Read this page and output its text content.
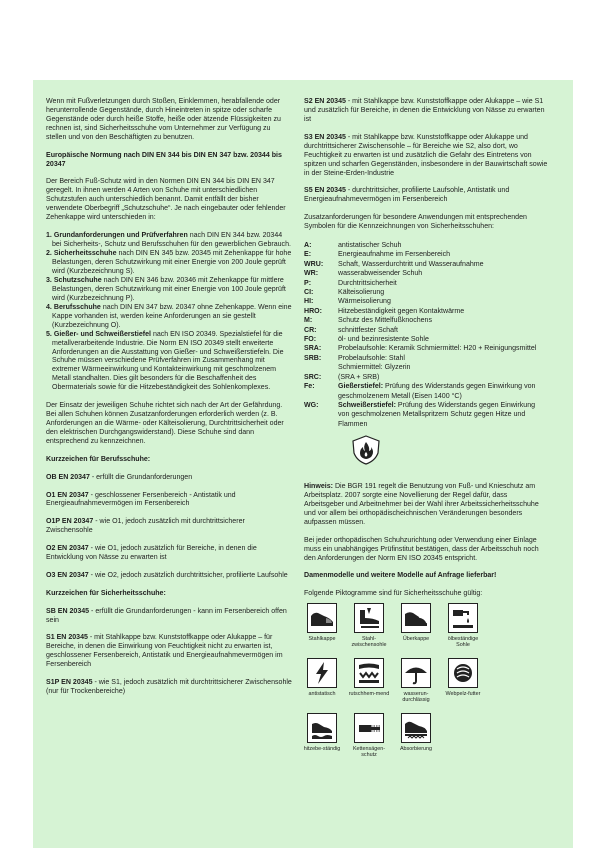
Wenn mit Fußverletzungen durch Stoßen, Einklemmen, herabfallende oder herunterrollende Gegenstände, durch Hineintreten in spitze oder scharfe Gegenstände oder durch heiße Stoffe, heiße oder ätzende Flüssigkeiten zu rechnen ist, sind Sicherheitsschuhe vom Unternehmer zur Verfügung zu stellen und von den Beschäftigten zu benutzen.

Europäische Normung nach DIN EN 344 bis DIN EN 347 bzw. 20344 bis 20347

Der Bereich Fuß-Schutz wird in den Normen DIN EN 344 bis DIN EN 347 geregelt. In ihnen werden 4 Arten von Schuhe mit unterschiedlichen Schutzstufen auch unterschiedlich benannt. Damit entfällt der bisher verwendete Oberbegriff „Schutzschuhe“. Je nach eingebauter oder fehlender Zehenkappe wird unterschieden in:

1. Grundanforderungen und Prüfverfahren nach DIN EN 344 bzw. 20344 bei Sicherheits-, Schutz und Berufsschuhen für den gewerblichen Gebrauch.
2. Sicherheitsschuhe nach DIN EN 345 bzw. 20345 mit Zehenkappe für hohe Belastungen, deren Schutzwirkung mit einer Energie von 200 Joule geprüft wird (Kurzbezeichnung S).
3. Schutzschuhe nach DIN EN 346 bzw. 20346 mit Zehenkappe für mittlere Belastungen, deren Schutzwirkung mit einer Energie von 100 Joule geprüft wird (Kurzbezeichnung P).
4. Berufsschuhe nach DIN EN 347 bzw. 20347 ohne Zehenkappe. Wenn eine Kappe vorhanden ist, werden keine Anforderungen an sie gestellt (Kurzbezeichnung O).
5. Gießer- und Schweißerstiefel nach EN ISO 20349. Spezialstiefel für die metallverarbeitende Industrie. Die Norm EN ISO 20349 stellt erweiterte Anforderungen an die Ausstattung von Gießer- und Schweißerstiefeln. Die Schuhe müssen verschiedene Prüfverfahren im Zusammenhang mit extremer Wärmeeinwirkung und Kontakteinwirkung mit geschmolzenem Metall standhalten. Dies gilt besonders für die Beschaffenheit des Obermaterials sowie für die Hitzebeständigkeit des Sohlenkomplexes.

Der Einsatz der jeweiligen Schuhe richtet sich nach der Art der Gefährdung. Bei allen Schuhen können Zusatzanforderungen erforderlich werden (z. B. Anforderungen an die Wärme- oder Kälteisolierung, Durchtrittsicherheit oder den elektrischen Durchgangswiderstand). Diese Schuhe sind dann entsprechend zu kennzeichnen.

Kurzzeichen für Berufsschuhe:

OB EN 20347 - erfüllt die Grundanforderungen

O1 EN 20347 - geschlossener Fersenbereich - Antistatik und Energieaufnahmevermögen im Fersenbereich

O1P EN 20347 - wie O1, jedoch zusätzlich mit durchtrittsicherer Zwischensohle

O2 EN 20347 - wie O1, jedoch zusätzlich für Bereiche, in denen die Entwicklung von Nässe zu erwarten ist

O3 EN 20347 - wie O2, jedoch zusätzlich durchtrittsicher, profilierte Laufsohle

Kurzzeichen für Sicherheitsschuhe:

SB EN 20345 - erfüllt die Grundanforderungen - kann im Fersenbereich offen sein

S1 EN 20345 - mit Stahlkappe bzw. Kunststoffkappe oder Alukappe – für Bereiche, in denen die Einwirkung von Feuchtigkeit nicht zu erwarten ist, geschlossener Fersenbereich, Antistatik und Energieaufnahmevermögen im Fersenbereich

S1P EN 20345 - wie S1, jedoch zusätzlich mit durchtrittsicherer Zwischensohle (nur für Trockenbereiche)

S2 EN 20345 - mit Stahlkappe bzw. Kunststoffkappe oder Alukappe – wie S1 und zusätzlich für Bereiche, in denen die Entwicklung von Nässe zu erwarten ist

S3 EN 20345 - mit Stahlkappe bzw. Kunststoffkappe oder Alukappe und durchtrittsicherer Zwischensohle – für Bereiche wie S2, also dort, wo Feuchtigkeit zu erwarten ist und zusätzlich die Gefahr des Eintretens von spitzen und scharfen Gegenständen, insbesondere in der Bauwirtschaft sowie in der Steine-Erden-Industrie

S5 EN 20345 - durchtrittsicher, profilierte Laufsohle, Antistatik und Energieaufnahmevermögen im Fersenbereich

Zusatzanforderungen für besondere Anwendungen mit entsprechenden Symbolen für die Kennzeichnungen von Sicherheitsschuhen:

A:	antistatischer Schuh
E:	Energieaufnahme im Fersenbereich
WRU:	Schaft, Wasserdurchtritt und Wasseraufnahme
WR:	wasserabweisender Schuh
P:	Durchtrittsicherheit
CI:	Kälteisolierung
HI:	Wärmeisolierung
HRO:	Hitzebeständigkeit gegen Kontaktwärme
M:	Schutz des Mittelfußknochens
CR:	schnittfester Schaft
FO:	öl- und bezinresistente Sohle
SRA:	Probelaufsohle: Keramik Schmiermittel: H20 + Reinigungsmittel
SRB:	Probelaufsohle: Stahl
Schmiermittel: Glyzerin
SRC:	(SRA + SRB)
Fe:	Gießerstiefel: Prüfung des Widerstands gegen Einwirkung von geschmolzenem Metall (Eisen 1400 °C)
WG:	Schweißerstiefel: Prüfung des Widerstands gegen Einwirkung von geschmolzenen Metallspritzern Schutz gegen Hitze und Flammen

Hinweis: Die BGR 191 regelt die Benutzung von Fuß- und Knieschutz am Arbeitsplatz. 2007 sorgte eine Novellierung der Regel dafür, dass Arbeitsgeber und Arbeitnehmer bei der Wahl ihrer Arbeitssicherheitsschuhe und vor allem bei orthopädischeichnischen Veränderungen besonders aufpassen müssen.

Bei jeder orthopädischen Schuhzurichtung oder Verwendung einer Einlage muss ein unabhängiges Prüfinstitut bestätigen, dass der Arbeitsschuh noch den Anforderungen der Norm EN ISO 20345 entspricht.

Damenmodelle und weitere Modelle auf Anfrage lieferbar!

Folgende Piktogramme sind für Sicherheitsschuhe gültig:

Stahlkappe	Stahl-zwischensohle
Überkappe	ölbeständige Sohle
antistatisch	rutschhem-mend	wasserun-durchlässig
Webpelz-futter
hitzebe-ständig	Kettensägen-schutz
Absorbierung
